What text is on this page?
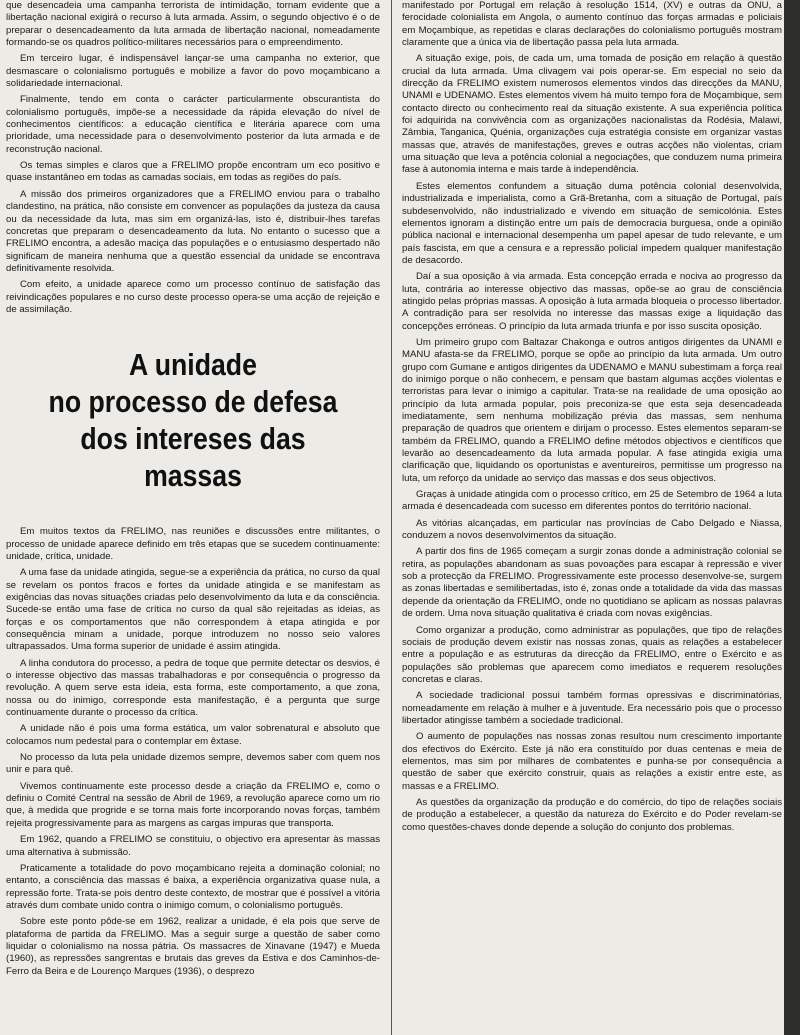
que desencadeia uma campanha terrorista de intimidação, tornam evidente que a libertação nacional exigirá o recurso à luta armada. Assim, o segundo objectivo é o de preparar o desencadeamento da luta armada de libertação nacional, nomeadamente formando-se os quadros político-militares necessários para o empreendimento.

Em terceiro lugar, é indispensável lançar-se uma campanha no exterior, que desmascare o colonialismo português e mobilize a favor do povo moçambicano a solidariedade internacional.

Finalmente, tendo em conta o carácter particularmente obscurantista do colonialismo português, impõe-se a necessidade da rápida elevação do nível de conhecimentos científicos: a educação científica e literária aparece com uma prioridade, uma necessidade para o desenvolvimento posterior da luta armada e de reconstrução nacional.

Os temas simples e claros que a FRELIMO propõe encontram um eco positivo e quase instantâneo em todas as camadas sociais, em todas as regiões do país.

A missão dos primeiros organizadores que a FRELIMO enviou para o trabalho clandestino, na prática, não consiste em convencer as populações da justeza da causa ou da necessidade da luta, mas sim em organizá-las, isto é, distribuir-lhes tarefas concretas que preparam o desencadeamento da luta. No entanto o sucesso que a FRELIMO encontra, a adesão maciça das populações e o entusiasmo despertado não significam de maneira nenhuma que a questão essencial da unidade se encontrava definitivamente resolvida.

Com efeito, a unidade aparece como um processo contínuo de satisfação das reivindicações populares e no curso deste processo opera-se uma acção de rejeição e de assimilação.

A unidade
no processo de defesa
dos intereses das massas

Em muitos textos da FRELIMO, nas reuniões e discussões entre militantes, o processo de unidade aparece definido em três etapas que se sucedem continuamente: unidade, crítica, unidade.

A uma fase da unidade atingida, segue-se a experiência da prática, no curso da qual se revelam os pontos fracos e fortes da unidade atingida e se manifestam as exigências das novas situações criadas pelo desenvolvimento da luta e da consciência. Sucede-se então uma fase de crítica no curso da qual são rejeitadas as ideias, as forças e os comportamentos que não correspondem à etapa atingida e por consequência minam a unidade, porque introduzem no nosso seio valores ultrapassados. Uma forma superior de unidade é assim atingida.

A linha condutora do processo, a pedra de toque que permite detectar os desvios, é o interesse objectivo das massas trabalhadoras e por consequência o progresso da revolução. A quem serve esta ideia, esta forma, este comportamento, a que zona, nossa ou do inimigo, corresponde esta manifestação, é a pergunta que surge continuamente durante o processo da crítica.

A unidade não é pois uma forma estática, um valor sobrenatural e absoluto que colocamos num pedestal para o contemplar em êxtase.

No processo da luta pela unidade dizemos sempre, devemos saber com quem nos unir e para quê.

Vivemos continuamente este processo desde a criação da FRELIMO e, como o definiu o Comité Central na sessão de Abril de 1969, a revolução aparece como um rio que, à medida que progride e se torna mais forte incorporando novas forças, também rejeita progressivamente para as margens as cargas impuras que transporta.

Em 1962, quando a FRELIMO se constituiu, o objectivo era apresentar às massas uma alternativa à submissão.

Praticamente a totalidade do povo moçambicano rejeita a dominação colonial; no entanto, a consciência das massas é baixa, a experiência organizativa quase nula, a repressão forte. Trata-se pois dentro deste contexto, de mostrar que é possível a vitória através dum combate unido contra o inimigo comum, o colonialismo português.

Sobre este ponto pôde-se em 1962, realizar a unidade, é ela pois que serve de plataforma de partida da FRELIMO. Mas a seguir surge a questão de saber como liquidar o colonialismo na nossa pátria. Os massacres de Xinavane (1947) e Mueda (1960), as repressões sangrentas e brutais das greves da Estiva e dos Caminhos-de-Ferro da Beira e de Lourenço Marques (1936), o desprezo

manifestado por Portugal em relação à resolução 1514, (XV) e outras da ONU, a ferocidade colonialista em Angola, o aumento contínuo das forças armadas e policiais em Moçambique, as repetidas e claras declarações do colonialismo português mostram claramente que a única via de libertação passa pela luta armada.

A situação exige, pois, de cada um, uma tomada de posição em relação à questão crucial da luta armada. Uma clivagem vai pois operar-se. Em especial no seio da direcção da FRELIMO existem numerosos elementos vindos das direcções da MANU, UNAMI e UDENAMO. Estes elementos vivem há muito tempo fora de Moçambique, sem contacto directo ou conhecimento real da situação existente. A sua experiência política foi adquirida na convivência com as organizações nacionalistas da Rodésia, Malawi, Zâmbia, Tanganica, Quénia, organizações cuja estratégia consiste em organizar vastas massas que, através de manifestações, greves e outras acções não violentas, criam uma situação que leva a potência colonial a negociações, que conduzem numa primeira fase à autonomia interna e mais tarde à independência.

Estes elementos confundem a situação duma potência colonial desenvolvida, industrializada e imperialista, como a Grã-Bretanha, com a situação de Portugal, país subdesenvolvido, não industrializado e vivendo em situação de semicolónia. Estes elementos ignoram a distinção entre um país de democracia burguesa, onde a opinião pública nacional e internacional desempenha um papel apesar de tudo relevante, e um país fascista, em que a censura e a repressão policial impedem qualquer manifestação de desacordo.

Daí a sua oposição à via armada. Esta concepção errada e nociva ao progresso da luta, contrária ao interesse objectivo das massas, opõe-se ao grau de consciência atingido pelas próprias massas. A oposição à luta armada bloqueia o processo libertador. A contradição para ser resolvida no interesse das massas exige a liquidação das concepções erróneas. O princípio da luta armada triunfa e por isso suscita oposição.

Um primeiro grupo com Baltazar Chakonga e outros antigos dirigentes da UNAMI e MANU afasta-se da FRELIMO, porque se opõe ao princípio da luta armada. Um outro grupo com Gumane e antigos dirigentes da UDENAMO e MANU subestimam a força real do inimigo porque o não conhecem, e pensam que bastam algumas acções violentas e terroristas para levar o inimigo a capitular. Trata-se na realidade de uma oposição ao princípio da luta armada popular, pois preconiza-se que esta seja desencadeada imediatamente, sem nenhuma mobilização prévia das massas, sem nenhuma preparação de quadros que orientem e dirijam o processo. Estes elementos separam-se também da FRELIMO, quando a FRELIMO define métodos objectivos e científicos que levarão ao desencadeamento da luta armada popular. A fase atingida exigia uma clarificação que, liquidando os oportunistas e aventureiros, permitisse um progresso na luta, um reforço da unidade ao serviço das massas e dos seus objectivos.

Graças à unidade atingida com o processo crítico, em 25 de Setembro de 1964 a luta armada é desencadeada com sucesso em diferentes pontos do território nacional.

As vitórias alcançadas, em particular nas províncias de Cabo Delgado e Niassa, conduzem a novos desenvolvimentos da situação.

A partir dos fins de 1965 começam a surgir zonas donde a administração colonial se retira, as populações abandonam as suas povoações para escapar à repressão e viver sob a protecção da FRELIMO. Progressivamente este processo desenvolve-se, surgem as zonas libertadas e semilibertadas, isto é, zonas onde a totalidade da vida das massas depende da orientação da FRELIMO, onde no quotidiano se aplicam as nossas palavras de ordem. Uma nova situação qualitativa é criada com novas exigências.

Como organizar a produção, como administrar as populações, que tipo de relações sociais de produção devem existir nas nossas zonas, quais as relações a estabelecer entre a população e as estruturas da direcção da FRELIMO, entre o Exército e as populações são problemas que aparecem como imediatos e requerem resoluções concretas e claras.

A sociedade tradicional possui também formas opressivas e discriminatórias, nomeadamente em relação à mulher e à juventude. Era necessário pois que o processo libertador atingisse também a sociedade tradicional.

O aumento de populações nas nossas zonas resultou num crescimento importante dos efectivos do Exército. Este já não era constituído por duas centenas e meia de elementos, mas sim por milhares de combatentes e punha-se por consequência a questão de saber que exército construir, quais as relações a existir entre este, as massas e a FRELIMO.

As questões da organização da produção e do comércio, do tipo de relações sociais de produção a estabelecer, a questão da natureza do Exército e do Poder revelam-se como questões-chaves donde depende a solução do conjunto dos problemas.
